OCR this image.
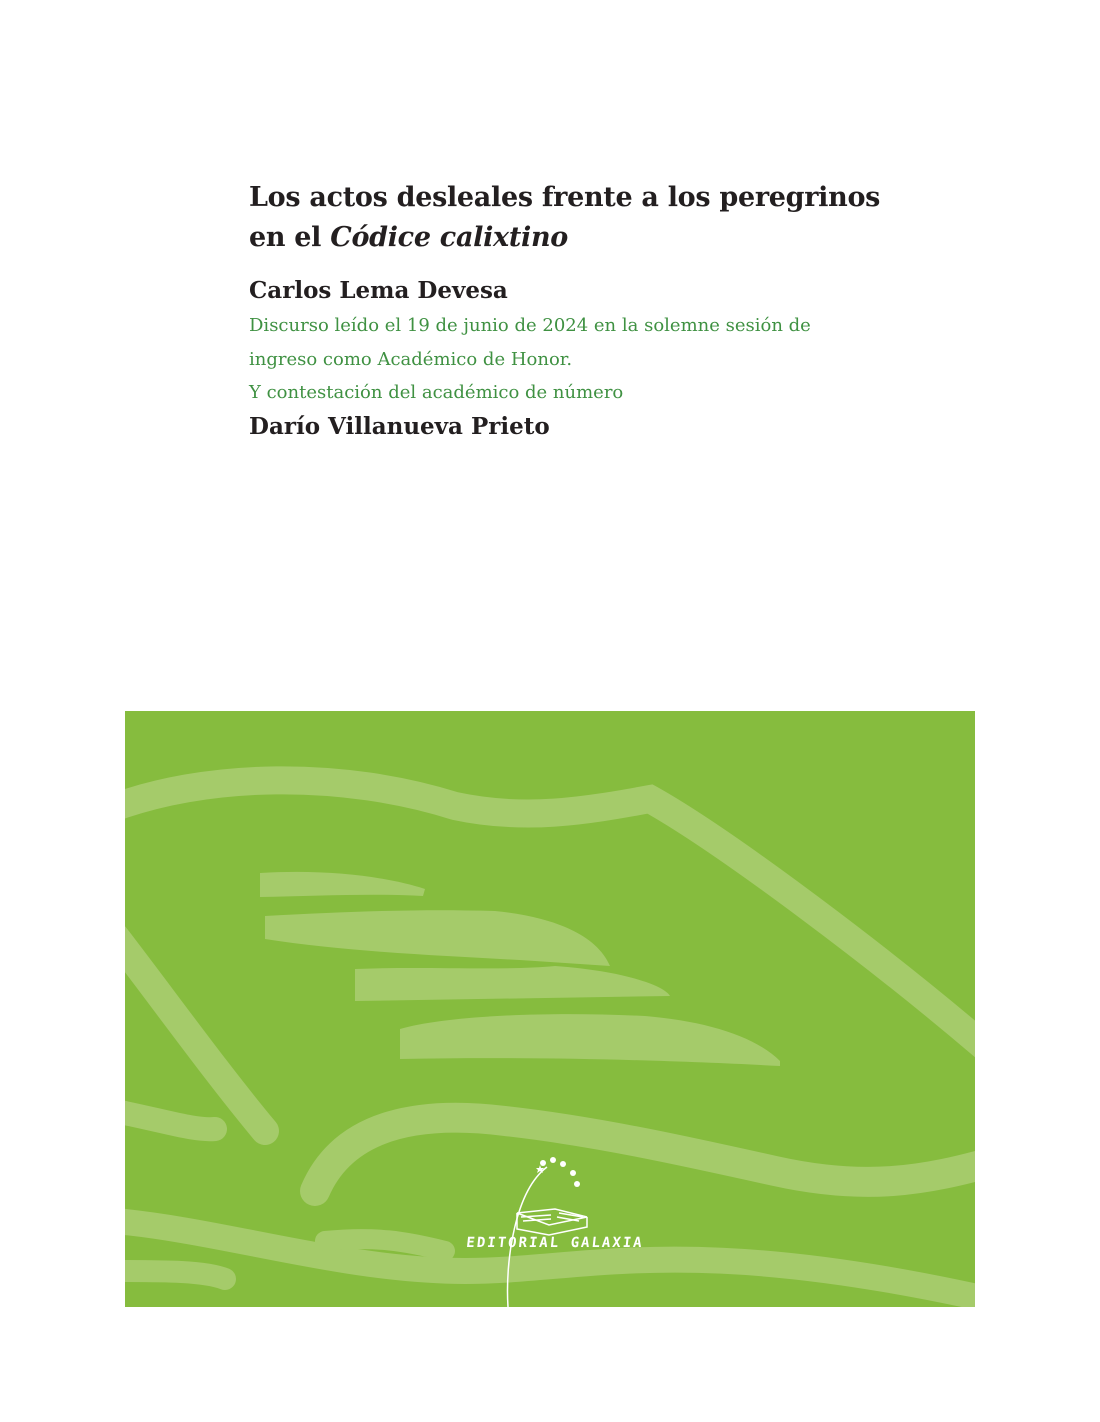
Los actos desleales frente a los peregrinos
en el Códice calixtino

Carlos Lema Devesa

Discurso leído el 19 de junio de 2024 en la solemne sesión de

ingreso como Académico de Honor.

Y contestación del académico de número

Darío Villanueva Prieto

EDITORIAL GALAXIA
